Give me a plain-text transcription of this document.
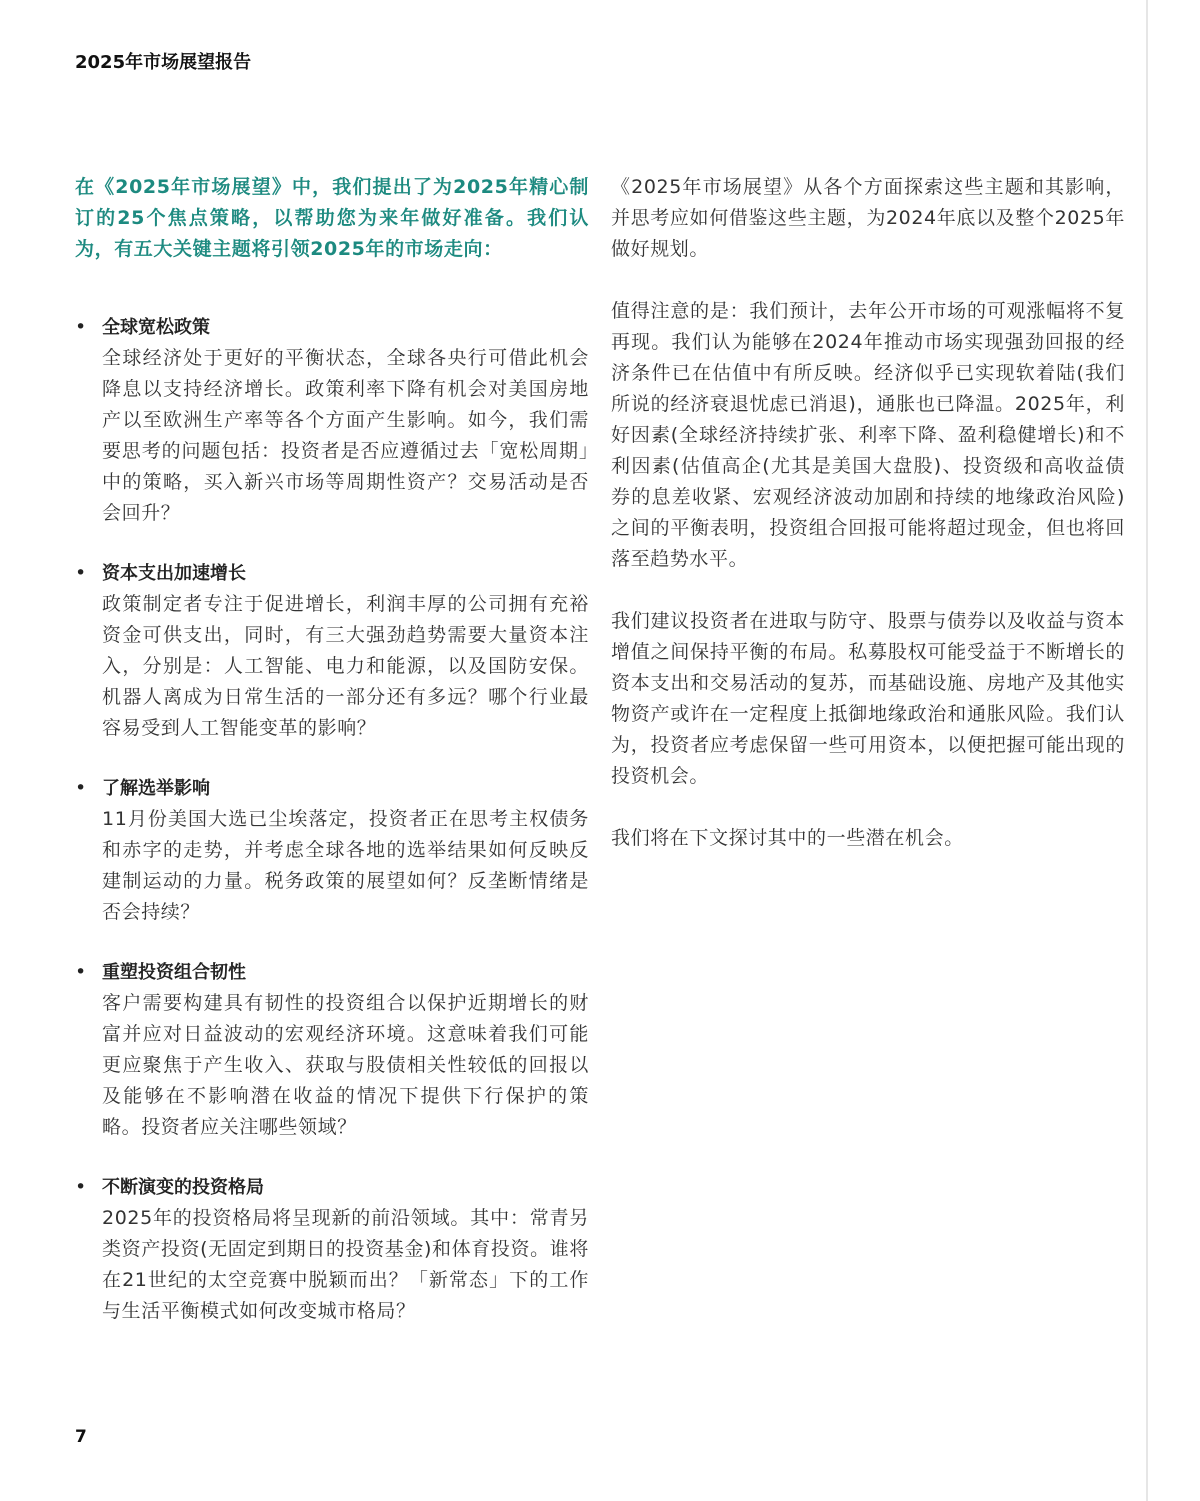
2025年市场展望报告

在《2025年市场展望》中，我们提出了为2025年精心制订的25个焦点策略，以帮助您为来年做好准备。我们认为，有五大关键主题将引领2025年的市场走向：

• 全球宽松政策

全球经济处于更好的平衡状态，全球各央行可借此机会降息以支持经济增长。政策利率下降有机会对美国房地产以至欧洲生产率等各个方面产生影响。如今，我们需要思考的问题包括：投资者是否应遵循过去「宽松周期」中的策略，买入新兴市场等周期性资产？交易活动是否会回升？

• 资本支出加速增长

政策制定者专注于促进增长，利润丰厚的公司拥有充裕资金可供支出，同时，有三大强劲趋势需要大量资本注入，分别是：人工智能、电力和能源，以及国防安保。机器人离成为日常生活的一部分还有多远？哪个行业最容易受到人工智能变革的影响？

• 了解选举影响

11月份美国大选已尘埃落定，投资者正在思考主权债务和赤字的走势，并考虑全球各地的选举结果如何反映反建制运动的力量。税务政策的展望如何？反垄断情绪是否会持续？

• 重塑投资组合韧性

客户需要构建具有韧性的投资组合以保护近期增长的财富并应对日益波动的宏观经济环境。这意味着我们可能更应聚焦于产生收入、获取与股债相关性较低的回报以及能够在不影响潜在收益的情况下提供下行保护的策略。投资者应关注哪些领域？

• 不断演变的投资格局

2025年的投资格局将呈现新的前沿领域。其中：常青另类资产投资(无固定到期日的投资基金)和体育投资。谁将在21世纪的太空竞赛中脱颖而出？「新常态」下的工作与生活平衡模式如何改变城市格局？

《2025年市场展望》从各个方面探索这些主题和其影响，并思考应如何借鉴这些主题，为2024年底以及整个2025年做好规划。

值得注意的是：我们预计，去年公开市场的可观涨幅将不复再现。我们认为能够在2024年推动市场实现强劲回报的经济条件已在估值中有所反映。经济似乎已实现软着陆(我们所说的经济衰退忧虑已消退)，通胀也已降温。2025年，利好因素(全球经济持续扩张、利率下降、盈利稳健增长)和不利因素(估值高企(尤其是美国大盘股)、投资级和高收益债券的息差收紧、宏观经济波动加剧和持续的地缘政治风险)之间的平衡表明，投资组合回报可能将超过现金，但也将回落至趋势水平。

我们建议投资者在进取与防守、股票与债券以及收益与资本增值之间保持平衡的布局。私募股权可能受益于不断增长的资本支出和交易活动的复苏，而基础设施、房地产及其他实物资产或许在一定程度上抵御地缘政治和通胀风险。我们认为，投资者应考虑保留一些可用资本，以便把握可能出现的投资机会。

我们将在下文探讨其中的一些潜在机会。

7
